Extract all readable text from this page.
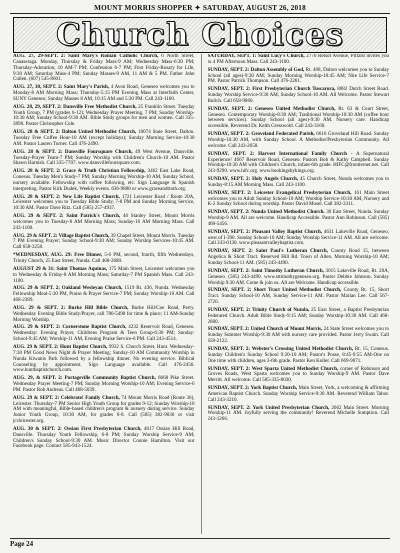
MOUNT MORRIS SHOPPER ✦ SATURDAY, AUGUST 26, 2018
Church Choices

AUG. 27, 29-SEPT. 2: Saint Mary's Roman Catholic Church, 6 North Street, Canaseraga. Monday, Thursday & Friday Mass-9 AM; Wednesday Mass-6:30 PM; Thursday-Adoration, 10 AM-7 PM; Confession 6-7 PM; First Friday-Rosary for Life, 9:30 AM; Saturday Mass-4 PM; Sunday Masses-9 AM, 11 AM & 5 PM. Father John Cullen. (607) 545-8601.

AUG. 27, 30, SEPT. 2: Saint Mary's Parish, 4 Avon Road, Geneseo welcomes you to Monday-8 AM Morning Mass; Thursday-5:15 PM Evening Mass at Interfaith Center, SUNY Geneseo; Sunday Masses 8 AM, 10:15 AM and 5:30 PM. Call 243-1100.

AUG. 28, 29, SEPT. 2: Dansville Free Methodist Church, 25 Franklin Street. Tuesday Youth Group, 7 PM (grades 6-12); Wednesday Prayer Meeting, 7 PM; Sunday Worship-10:30 AM; Sunday School-9:30 AM. Bible Study groups for men and women. Call 335-3898. Pastor Christopher Cole.

AUG. 28 & SEPT. 2: Dalton United Methodist Church, 10074 State Street, Dalton. Tuesday Free Coffee Hour-10 AM (except holidays); Sunday Morning Service-10:30 AM. Pastor Lauren Turner. Call 476-2490.

AUG. 28 & SEPT. 2: Dansville Foursquare Church, 49 West Avenue, Dansville. Tuesday-Prayer Team-7 PM; Sunday Worship with Children's Church-10 AM. Pastor Shawn Harnish. Call 335-7707. www.dansvillefoursquare.com.

AUG. 28 & SEPT. 2: Grace & Truth Christian Fellowship, 3462 East Lake Road, Conesus. Tuesday Men's Study-7 PM; Sunday Morning Worship-10 AM, Sunday School, nursery available. Fellowship with coffee following, etc. Sign Language & Spanish interpreting. Pastor Kirk Dudek. Weekly events. 636-9880 or www.graceandtruth.org.

AUG. 28 & SEPT. 2: New Life Baptist Church, 1721 Leicester Road / Route 20A, Leicester welcomes you to Tuesday Bible Study, 7-8 PM and Sunday Morning Service, 10:30 AM. Pastor Dave Ritz. Call (585) 257-4937.

AUG. 29 & SEPT. 2: Saint Patrick's Church, 46 Stanley Street, Mount Morris welcomes you to Tuesday-8 AM Morning Mass; Sunday-10 AM Morning Mass. Call 243-1100.

AUG. 29 & SEPT. 2: Village Baptist Church, 39 Chapel Street, Mount Morris. Tuesday 7 PM Evening Prayer; Sunday School-9:30 AM; Sunday Worship Services-10:45 AM. Call 658-3258.

*WEDNESDAY, AUG. 29: Free Dinner, 5-6 PM, second, fourth, fifth Wednesdays, Trinity Church, 25 East Street, Nunda. Call 468-2680.

AUGUST 29 & 31: Saint Thomas Aquinas, 175 Main Street, Leicester welcomes you to Wednesday & Friday-8 AM Morning Mass; Saturday-7 PM Spanish Mass. Call 243-1100.

AUG. 29 & SEPT. 2: Oakland Wesleyan Church, 1519 Rt. 436, Nunda. Wednesday Fellowship Meal-5:30 PM, Praise & Prayer Service-7 PM; Sunday Worship-10 AM. Call 468-2389.

AUG. 29 & SEPT. 2: Burke Hill Bible Church, Burke Hill/Coe Road, Perry. Wednesday Evening Bible Study/Prayer, call 786-5490 for time & place; 11 AM-Sunday Morning Worship.

AUG. 29 & SEPT. 2: Cornerstone Baptist Church, 4232 Reservoir Road, Geneseo. Wednesday: Evening Prayer, Childrens Program & Teen Group-6:30 PM; Sunday: School-9:45 AM; Worship-11 AM, Evening Praise Service-6 PM. Call 243-4514.

AUG. 29 & SEPT. 2: Hunt Baptist Church, 9932 S. Church Street, Hunt. Wednesday-7:30 PM Good News Night & Prayer Meeting; Sunday-10 AM Community Worship in Nunda Kiwanis Park followed by a fellowship dinner. No evening service. Biblical Counseling by appointment. Sign Language available. Call 476-2456. www.huntbaptistchurch.com.

AUG. 29, & SEPT. 2: Portageville Community Baptist Church, 6668 Pike Street. Wednesday Prayer Meeting-7 PM; Sunday Morning Worship-10 AM; Evening Service-6 PM. Pastor Rob Andreas. Call 468-5039.

AUG. 29 & SEPT. 2: Celebrate! Family Church, 74 Mount Morris Road (Route 36), Leicester. Thursday-7 PM Senior High Youth Group for grades 9-12; Sunday Worship-10 AM with meaningful, Bible-based children's program & nursery during service. Sunday Junior Youth Group, 10:30 AM, for grades 6-8. Call (585) 382-9030 or visit jccleicester.org.

AUG. 30 & SEPT. 2: Ossian First Presbyterian Church, 4817 Ossian Hill Road, Dansville. Thursday Youth Fellowship, 6-8 PM; Sunday Worship Service-9 AM; Children's Sunday School-9:30 AM. Music Director Connie Hamilton. Visit our Facebook page. Contact 585-943-1524.

SATURDAY, SEPT. 1: Saint Lucy's Church, 2770 Retsof Avenue, Piffard invites you to 4 PM Afternoon Mass. Call 243-1100.

SUNDAY, SEPT. 2: Dalton Assembly of God, Rt. 408, Dalton welcomes you to Sunday School (all ages)-9:30 AM; Sunday Morning Worship-10:45 AM; Nite Life Service-7 PM. Pastor Patrick Thompson. Call 476-2261.

SUNDAY, SEPT. 2: First Presbyterian Church Tuscarora, 8082 Dutch Street Road. Sunday Worship Service-9:30 AM; Sunday School-10 AM. All Welcome. Pastor Stewart Bulich. Call 658-9860.

SUNDAY, SEPT. 2: Geneseo United Methodist Church, Rt. 63 & Court Street, Geneseo. Contemporary Worship-8:30 AM; Traditional Worship-10:30 AM (coffee hour between services). Sunday School (all ages)-9:30 AM. Nursery care. Handicap accessible. Reverend Dr. Keith Gresswold. Call 243-3160.

SUNDAY, SEPT. 2: Groveland Federated Parish, 6616 Groveland Hill Road. Sunday Worship-10:30 AM, with Sunday School. A Methodist/Presbyterian Community. All welcome. Call 243-2658.

SUNDAY, SEPT. 2: Harvest International Family Church - A Supernatural Experience! 4667 Reservoir Road, Geneseo. Pastors Bob & Kathy Campbell. Sunday Worship-10:30 AM with Children's Church, infant-6th grade. HIFC@frontiernet.net. Call 243-9290. www.hifc.org. www.bookingsbykings.org.

SUNDAY, SEPT. 2: Holy Angels Church, 45 Church Street, Nunda welcomes you to Sunday-8:15 AM Morning Mass. Call 243-1100.

SUNDAY, SEPT. 2: Leicester Evangelical Presbyterian Church, 161 Main Street welcomes you to Adult Sunday School-10 AM; Worship Service-10:30 AM, Nursery and K-2 Sunday School during worship. Pastor David Mosel. Call 382-3311.

SUNDAY, SEPT. 2: Nunda United Methodist Church. 30 East Street, Nunda. Sunday Worship-9 AM. All are welcome. Handicap Accessible. Pastor Ann Robinson. Call (585) 468-5456.

SUNDAY, SEPT. 2: Pleasant Valley Baptist Church, 4631 Lakeville Road, Geneseo, west of I-390. Sunday School-10 AM; Sunday Worship Service-11 AM. All are welcome. Call 243-0130. www.pleasantvalleybaptist.com.

SUNDAY, SEPT. 2: Saint Paul's Lutheran Church, County Road 15, between Angelica & Short Tract. Reserved Hill Rd. Town of Allen. Morning Worship-10 AM; Sunday School-11 AM. (585) 243-4490.

SUNDAY, SEPT. 2: Saint Timothy Lutheran Church, 3015 Lakeville Road, Rt. 20A, Geneseo. (585) 243-4490. www.sttimothygeneseo.org. Pastor Debbie Johnson. Sunday Worship 9:30 AM. Come & join us. All are Welcome. Handicap accessible.

SUNDAY, SEPT. 2: Short Tract United Methodist Church, County Rt. 15, Short Tract. Sunday School-10 AM, Sunday Service-11 AM. Pastor Marian Lee. Call 567-2726.

SUNDAY, SEPT. 2: Trinity Church of Nunda, 25 East Street, a Baptist Presbyterian Federated Church. Adult Bible Study-9:15 AM; Sunday Worship-10:30 AM. Call 468-2680.

SUNDAY, SEPT. 2: United Church of Mount Morris, 24 State Street welcomes you to Sunday Summer Worship-9:30 AM with nursery care provided. Pastor Jerry Swain. Call 658-2122.

SUNDAY, SEPT. 2: Webster's Crossing United Methodist Church, Rt. 15, Conesus. Sunday Children's Sunday School 9:20-10 AM; Pastor's Posse, 8:45-9:55 AM-One on One time with children, ages 3-6th grade. Pastor Ken Koller. Call 669-9071.

SUNDAY, SEPT. 2: West Sparta United Methodist Church, corner of Robinson and Groves Roads, West Sparta welcomes you to Sunday Worship-9 AM. Pastor Dave Merritt. All welcome. Call 585-335-8030.

SUNDAY, SEPT. 2: York Baptist Church, Main Street, York, a welcoming & affirming American Baptist Church. Sunday Worship Service-9:30 AM. Reverend William Tabor. Call 243-3210.

SUNDAY, SEPT. 2: York United Presbyterian Church, 2662 Main Street. Morning Worship-11 AM. Joyfully serving the community! Reverend Michelle Sumption. Call 243-1266.

Page 24
